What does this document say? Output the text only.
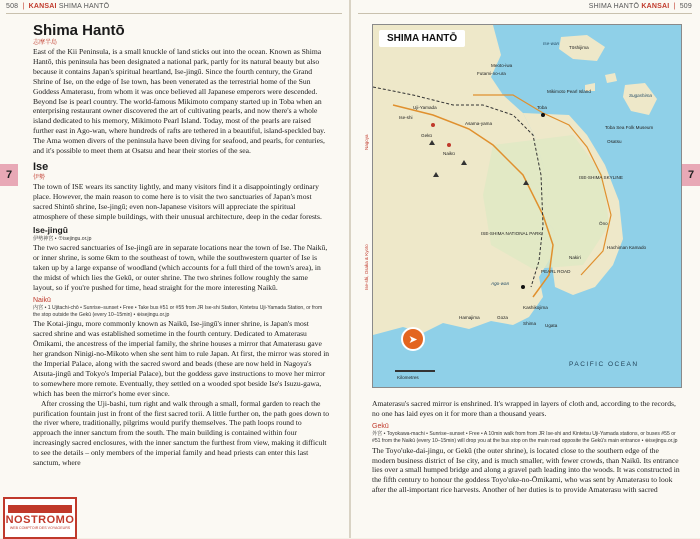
508 | KANSAI SHIMA HANTŌ	SHIMA HANTŌ KANSAI | 509
7	7
Shima Hantō
志摩半島

East of the Kii Peninsula, is a small knuckle of land sticks out into the ocean. Known as Shima Hantō, this peninsula has been designated a national park, partly for its natural beauty but also because it contains Japan's spiritual heartland, Ise-jingū. Since the fourth century, the Grand Shrine of Ise, on the edge of Ise town, has been venerated as the terrestrial home of the Sun Goddess Amaterasu, from whom it was once believed all Japanese emperors were descended. Beyond Ise is pearl country. The world-famous Mikimoto company started up in Toba when an enterprising restaurant owner discovered the art of cultivating pearls, and now there's a whole island dedicated to his memory, Mikimoto Pearl Island. Today, most of the pearls are raised further east in Ago-wan, where hundreds of rafts are tethered in a beautiful, island-speckled bay. The Ama women divers of the peninsula have been diving for seafood, and pearls, for centuries, and it's possible to meet them at Osatsu and hear their stories of the sea.

Ise
伊勢

The town of ISE wears its sanctity lightly, and many visitors find it a disappointingly ordinary place. However, the main reason to come here is to visit the two sanctuaries of Japan's most sacred Shintō shrine, Ise-jingū; even non-Japanese visitors will appreciate the spiritual atmosphere of these simple buildings, with their unusual architecture, deep in the cedar forests.

Ise-jingū
伊勢神宮 • ⊕isejingu.or.jp

The two sacred sanctuaries of Ise-jingū are in separate locations near the town of Ise. The Naikū, or inner shrine, is some 6km to the southeast of town, while the southwestern quarter of Ise is taken up by a large expanse of woodland (which accounts for a full third of the town's area), in the midst of which lies the Gekū, or outer shrine. The two shrines follow roughly the same layout, so if you're pushed for time, head straight for the more interesting Naikū.

Naikū
内宮 • 1 Ujitachi-chō • Sunrise–sunset • Free • Take bus #51 or #55 from JR Ise-shi Station, Kintetsu Uji-Yamada Station, or from the stop outside the Gekū (every 10–15min) • ⊕isejingu.or.jp

The Kotai-jingu, more commonly known as Naikū, Ise-jingū's inner shrine, is Japan's most sacred shrine and was established sometime in the fourth century. Dedicated to Amaterasu Ōmikami, the ancestress of the imperial family, the shrine houses a mirror that Amaterasu gave her grandson Ninigi-no-Mikoto when she sent him to rule Japan. At first, the mirror was stored in the Imperial Palace, along with the sacred sword and beads (these are now held in Nagoya's Atsuta-jingū and Tokyo's Imperial Palace), but the goddess gave instructions to move her mirror to somewhere more remote. Eventually, they settled on a wooded spot beside Ise's Isuzu-gawa, which has been the mirror's home ever since.

After crossing the Uji-bashi, turn right and walk through a small, formal garden to reach the purification fountain just in front of the first sacred torii. A little further on, the path goes down to the river where, traditionally, pilgrims would purify themselves. The path loops round to approach the inner sanctum from the south. The main building is contained within four increasingly sacred enclosures, with the inner sanctum the furthest from view, making it difficult to see the details – only members of the imperial family and head priests can enter this last sanctum, where

SHIMA HANTŌ	Ise-wan
Tōshijima
Meoto-iwa
Futami-no-ura
Ise-shi
Uji-Yamada
Gekū
Naikū
Asama-yama
Toba
Mikimoto Pearl Island
Sugashima
Toba Sea Folk Museum
Osatsu
ISE-SHIMA NATIONAL PARK
ISE-SHIMA SKYLINE
Hachiman Kamado
Ōno
PEARL ROAD
Kashikojima
Ago-wan
Hamajima	Goza
Shima Ugata
Nakiri
PACIFIC OCEAN
Kilometres
➤
Nagoya
Ise-shi, Osaka & Kyoto

Amaterasu's sacred mirror is enshrined. It's wrapped in layers of cloth and, according to the records, no one has laid eyes on it for more than a thousand years.

Gekū
外宮 • Toyokawa-machi • Sunrise–sunset • Free • A 10min walk from from JR Ise-shi and Kintetsu Uji-Yamada stations, or buses #55 or #51 from the Naikū (every 10–15min) will drop you at the bus stop on the main road opposite the Gekū's main entrance • ⊕isejingu.or.jp

The Toyo'uke-dai-jingu, or Gekū (the outer shrine), is located close to the southern edge of the modern business district of Ise city, and is much smaller, with fewer crowds, than Naikū. Its entrance lies over a small humped bridge and along a gravel path leading into the woods. It was constructed in the fifth century to honour the goddess Toyo'uke-no-Ōmikami, who was sent by Amaterasu to look after the all-important rice harvests. Another of her duties is to provide Amaterasu with sacred

NOSTROMO
WEB COMPTOIR DES VOYAGEURS
